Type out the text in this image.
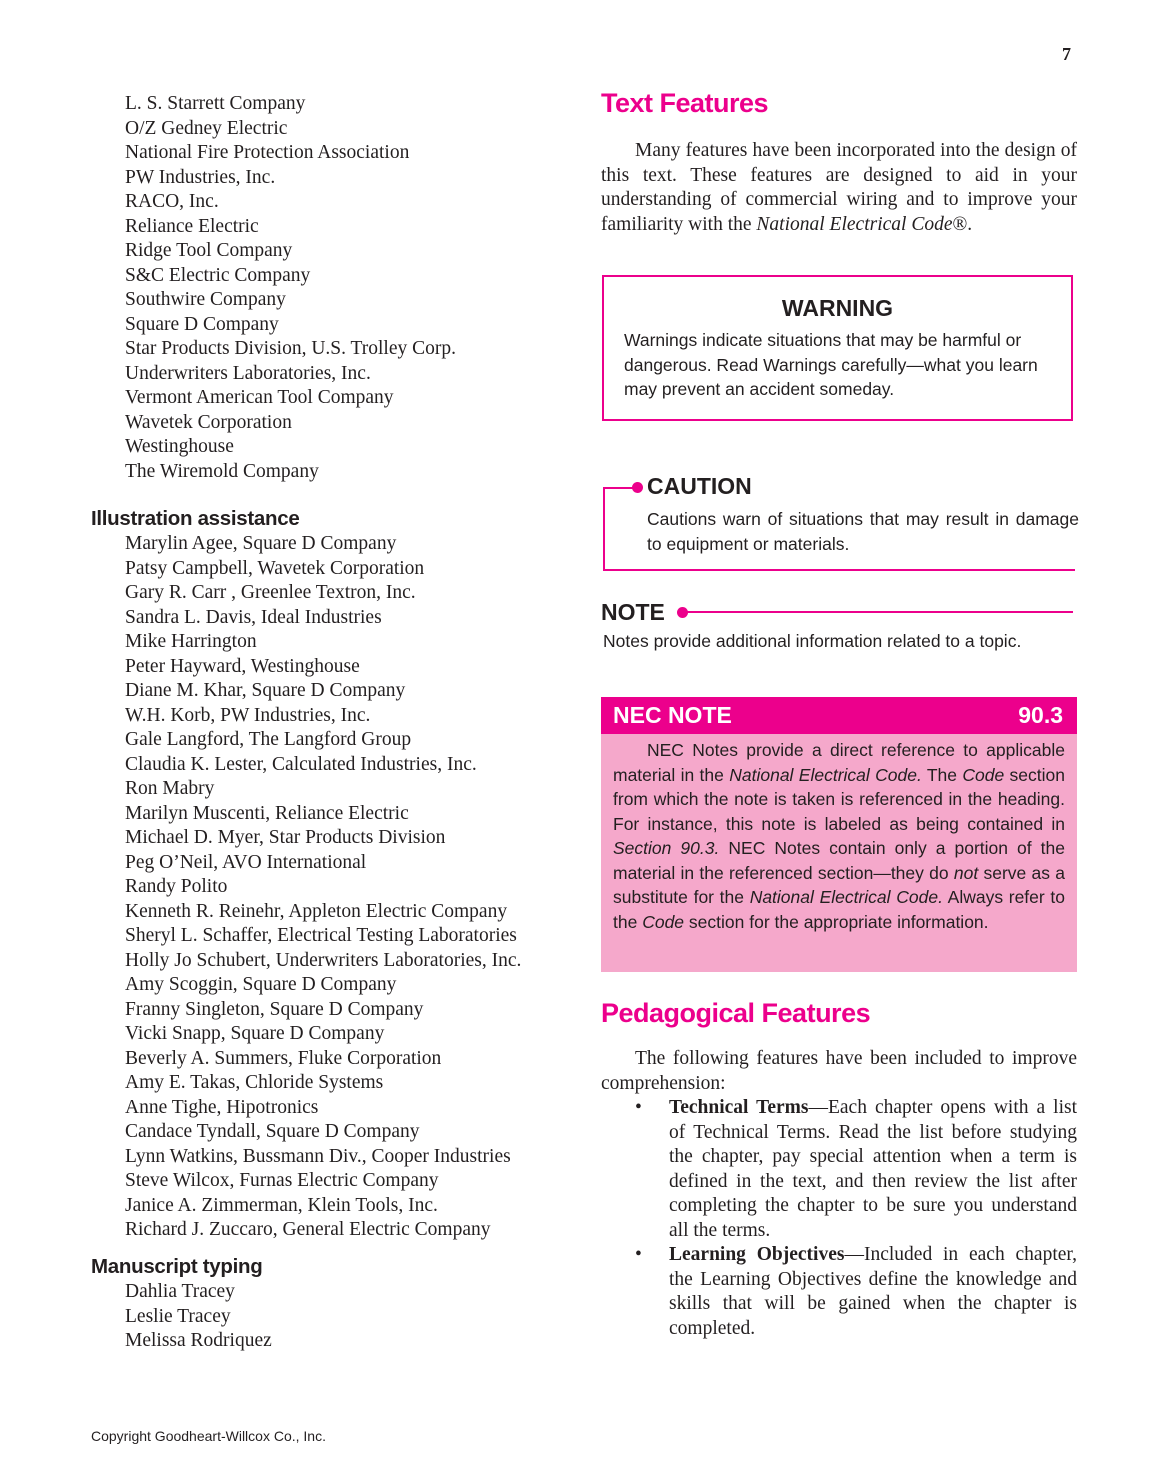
7
L. S. Starrett Company
O/Z Gedney Electric
National Fire Protection Association
PW Industries, Inc.
RACO, Inc.
Reliance Electric
Ridge Tool Company
S&C Electric Company
Southwire Company
Square D Company
Star Products Division, U.S. Trolley Corp.
Underwriters Laboratories, Inc.
Vermont American Tool Company
Wavetek Corporation
Westinghouse
The Wiremold Company
Illustration assistance
Marylin Agee, Square D Company
Patsy Campbell, Wavetek Corporation
Gary R. Carr , Greenlee Textron, Inc.
Sandra L. Davis, Ideal Industries
Mike Harrington
Peter Hayward, Westinghouse
Diane M. Khar, Square D Company
W.H. Korb, PW Industries, Inc.
Gale Langford, The Langford Group
Claudia K. Lester, Calculated Industries, Inc.
Ron Mabry
Marilyn Muscenti, Reliance Electric
Michael D. Myer, Star Products Division
Peg O’Neil, AVO International
Randy Polito
Kenneth R. Reinehr, Appleton Electric Company
Sheryl L. Schaffer, Electrical Testing Laboratories
Holly Jo Schubert, Underwriters Laboratories, Inc.
Amy Scoggin, Square D Company
Franny Singleton, Square D Company
Vicki Snapp, Square D Company
Beverly A. Summers, Fluke Corporation
Amy E. Takas, Chloride Systems
Anne Tighe, Hipotronics
Candace Tyndall, Square D Company
Lynn Watkins, Bussmann Div., Cooper Industries
Steve Wilcox, Furnas Electric Company
Janice A. Zimmerman, Klein Tools, Inc.
Richard J. Zuccaro, General Electric Company
Manuscript typing
Dahlia Tracey
Leslie Tracey
Melissa Rodriquez
Text Features
Many features have been incorporated into the design of this text. These features are designed to aid in your understanding of commercial wiring and to improve your familiarity with the National Electrical Code®.
WARNING

Warnings indicate situations that may be harmful or dangerous. Read Warnings carefully—what you learn may prevent an accident someday.

CAUTION

Cautions warn of situations that may result in damage to equipment or materials.

NOTE
Notes provide additional information related to a topic.
NEC NOTE	90.3

NEC Notes provide a direct reference to applicable material in the National Electrical Code. The Code section from which the note is taken is referenced in the heading. For instance, this note is labeled as being contained in Section 90.3. NEC Notes contain only a portion of the material in the referenced section—they do not serve as a substitute for the National Electrical Code. Always refer to the Code section for the appropriate information.

Pedagogical Features
The following features have been included to improve comprehension:
• Technical Terms—Each chapter opens with a list of Technical Terms. Read the list before studying the chapter, pay special attention when a term is defined in the text, and then review the list after completing the chapter to be sure you understand all the terms.
• Learning Objectives—Included in each chapter, the Learning Objectives define the knowledge and skills that will be gained when the chapter is completed.
Copyright Goodheart-Willcox Co., Inc.
